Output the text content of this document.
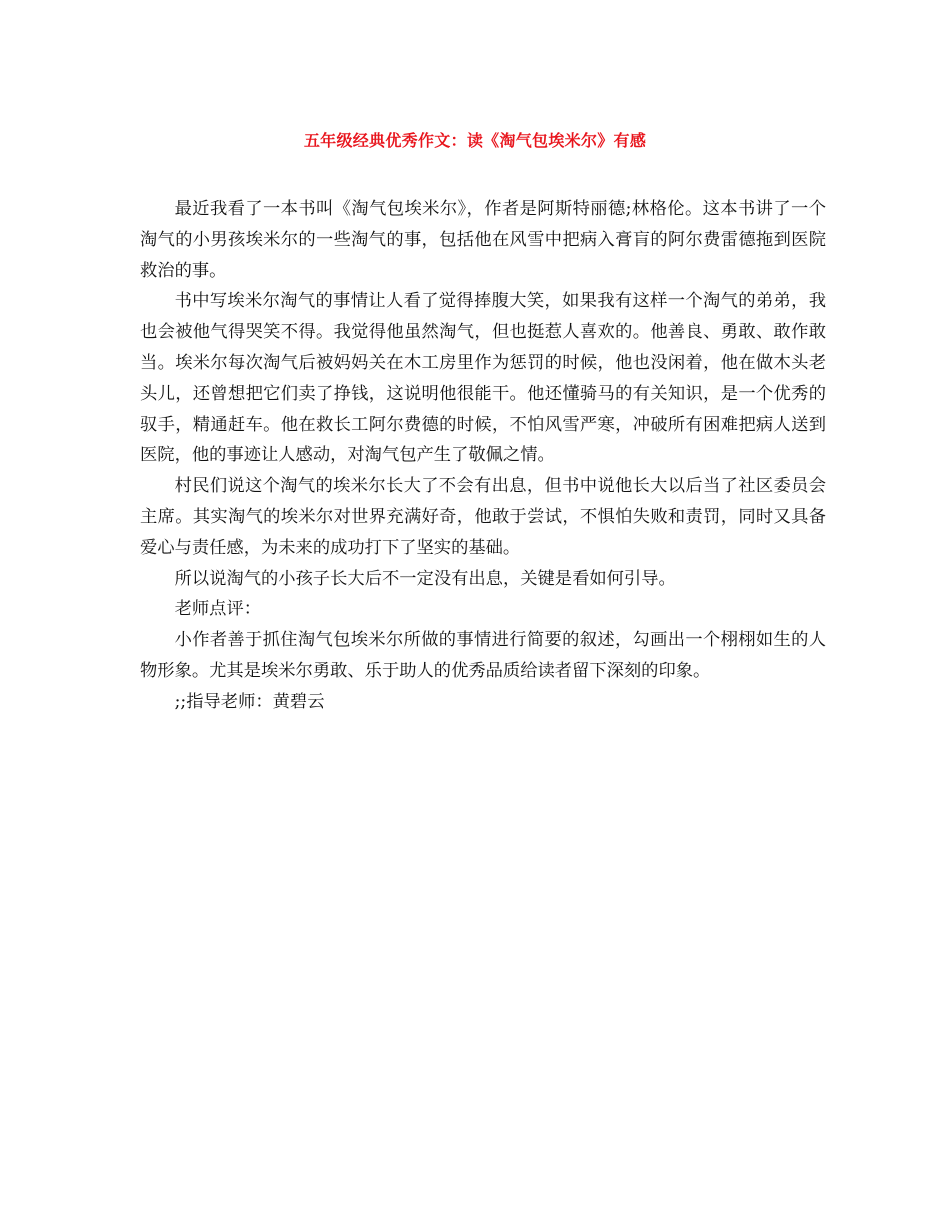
五年级经典优秀作文：读《淘气包埃米尔》有感

最近我看了一本书叫《淘气包埃米尔》，作者是阿斯特丽德;林格伦。这本书讲了一个淘气的小男孩埃米尔的一些淘气的事，包括他在风雪中把病入膏肓的阿尔费雷德拖到医院救治的事。

书中写埃米尔淘气的事情让人看了觉得捧腹大笑，如果我有这样一个淘气的弟弟，我也会被他气得哭笑不得。我觉得他虽然淘气，但也挺惹人喜欢的。他善良、勇敢、敢作敢当。埃米尔每次淘气后被妈妈关在木工房里作为惩罚的时候，他也没闲着，他在做木头老头儿，还曾想把它们卖了挣钱，这说明他很能干。他还懂骑马的有关知识，是一个优秀的驭手，精通赶车。他在救长工阿尔费德的时候，不怕风雪严寒，冲破所有困难把病人送到医院，他的事迹让人感动，对淘气包产生了敬佩之情。

村民们说这个淘气的埃米尔长大了不会有出息，但书中说他长大以后当了社区委员会主席。其实淘气的埃米尔对世界充满好奇，他敢于尝试，不惧怕失败和责罚，同时又具备爱心与责任感，为未来的成功打下了坚实的基础。

所以说淘气的小孩子长大后不一定没有出息，关键是看如何引导。

老师点评：

小作者善于抓住淘气包埃米尔所做的事情进行简要的叙述，勾画出一个栩栩如生的人物形象。尤其是埃米尔勇敢、乐于助人的优秀品质给读者留下深刻的印象。

;;指导老师：黄碧云
